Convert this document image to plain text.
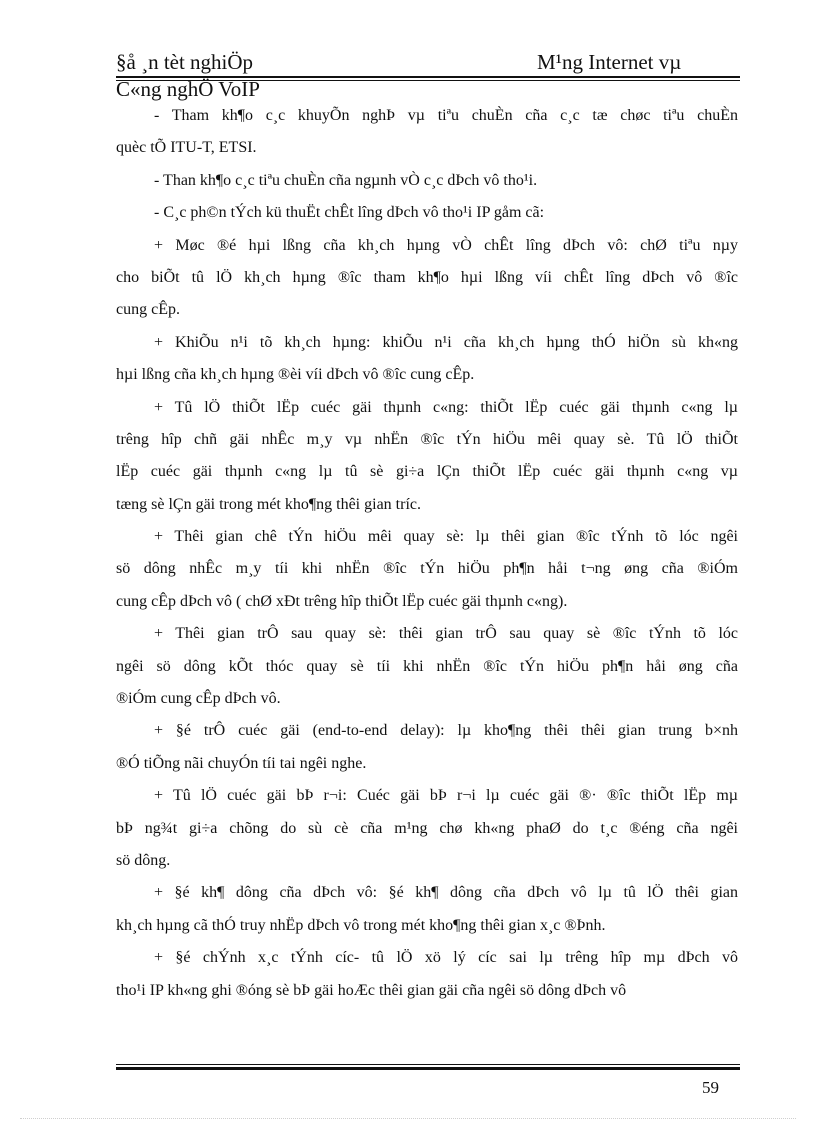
§å ¸n tèt nghiÖp	M¹ng Internet vµ
C«ng nghÖ VoIP
- Tham kh¶o c¸c khuyÕn nghÞ vµ tiªu chuÈn cña c¸c tæ chøc tiªu chuÈn
quèc tÕ ITU-T, ETSI.
- Than kh¶o c¸c tiªu chuÈn cña ngµnh vÒ c¸c dÞch vô tho¹i.
- C¸c ph©n tÝch kü thuËt chÊt lîng dÞch vô tho¹i IP gåm cã:
+ Møc ®é hµi lßng cña kh¸ch hµng vÒ chÊt lîng dÞch vô: chØ tiªu nµy
cho biÕt tû lÖ kh¸ch hµng ®îc tham kh¶o hµi lßng víi chÊt lîng dÞch vô ®îc
cung cÊp.
+ KhiÕu n¹i tõ kh¸ch hµng: khiÕu n¹i cña kh¸ch hµng thÓ hiÖn sù kh«ng
hµi lßng cña kh¸ch hµng ®èi víi dÞch vô ®îc cung cÊp.
+ Tû lÖ thiÕt lËp cuéc gäi thµnh c«ng: thiÕt lËp cuéc gäi thµnh c«ng lµ
trêng hîp chñ gäi nhÊc m¸y vµ nhËn ®îc tÝn hiÖu mêi quay sè. Tû lÖ thiÕt
lËp cuéc gäi thµnh c«ng lµ tû sè gi÷a lÇn thiÕt lËp cuéc gäi thµnh c«ng vµ
tæng sè lÇn gäi trong mét kho¶ng thêi gian tríc.
+ Thêi gian chê tÝn hiÖu mêi quay sè: lµ thêi gian ®îc tÝnh tõ lóc ngêi
sö dông nhÊc m¸y tíi khi nhËn ®îc tÝn hiÖu ph¶n håi t¬ng øng cña ®iÓm
cung cÊp dÞch vô ( chØ xÐt trêng hîp thiÕt lËp cuéc gäi thµnh c«ng).
+ Thêi gian trÔ sau quay sè: thêi gian trÔ sau quay sè ®îc tÝnh tõ lóc
ngêi sö dông kÕt thóc quay sè tíi khi nhËn ®îc tÝn hiÖu ph¶n håi øng cña
®iÓm cung cÊp dÞch vô.
+ §é trÔ cuéc gäi (end-to-end delay): lµ kho¶ng thêi thêi gian trung b×nh
®Ó tiÕng nãi chuyÓn tíi tai ngêi nghe.
+ Tû lÖ cuéc gäi bÞ r¬i: Cuéc gäi bÞ r¬i lµ cuéc gäi ®· ®îc thiÕt lËp mµ
bÞ ng¾t gi÷a chõng do sù cè cña m¹ng chø kh«ng phaØ do t¸c ®éng cña ngêi
sö dông.
+ §é kh¶ dông cña dÞch vô: §é kh¶ dông cña dÞch vô lµ tû lÖ thêi gian
kh¸ch hµng cã thÓ truy nhËp dÞch vô trong mét kho¶ng thêi gian x¸c ®Þnh.
+ §é chÝnh x¸c tÝnh cíc- tû lÖ xö lý cíc sai lµ trêng hîp mµ dÞch vô
tho¹i IP kh«ng ghi ®óng sè bÞ gäi hoÆc thêi gian gäi cña ngêi sö dông dÞch vô
59
